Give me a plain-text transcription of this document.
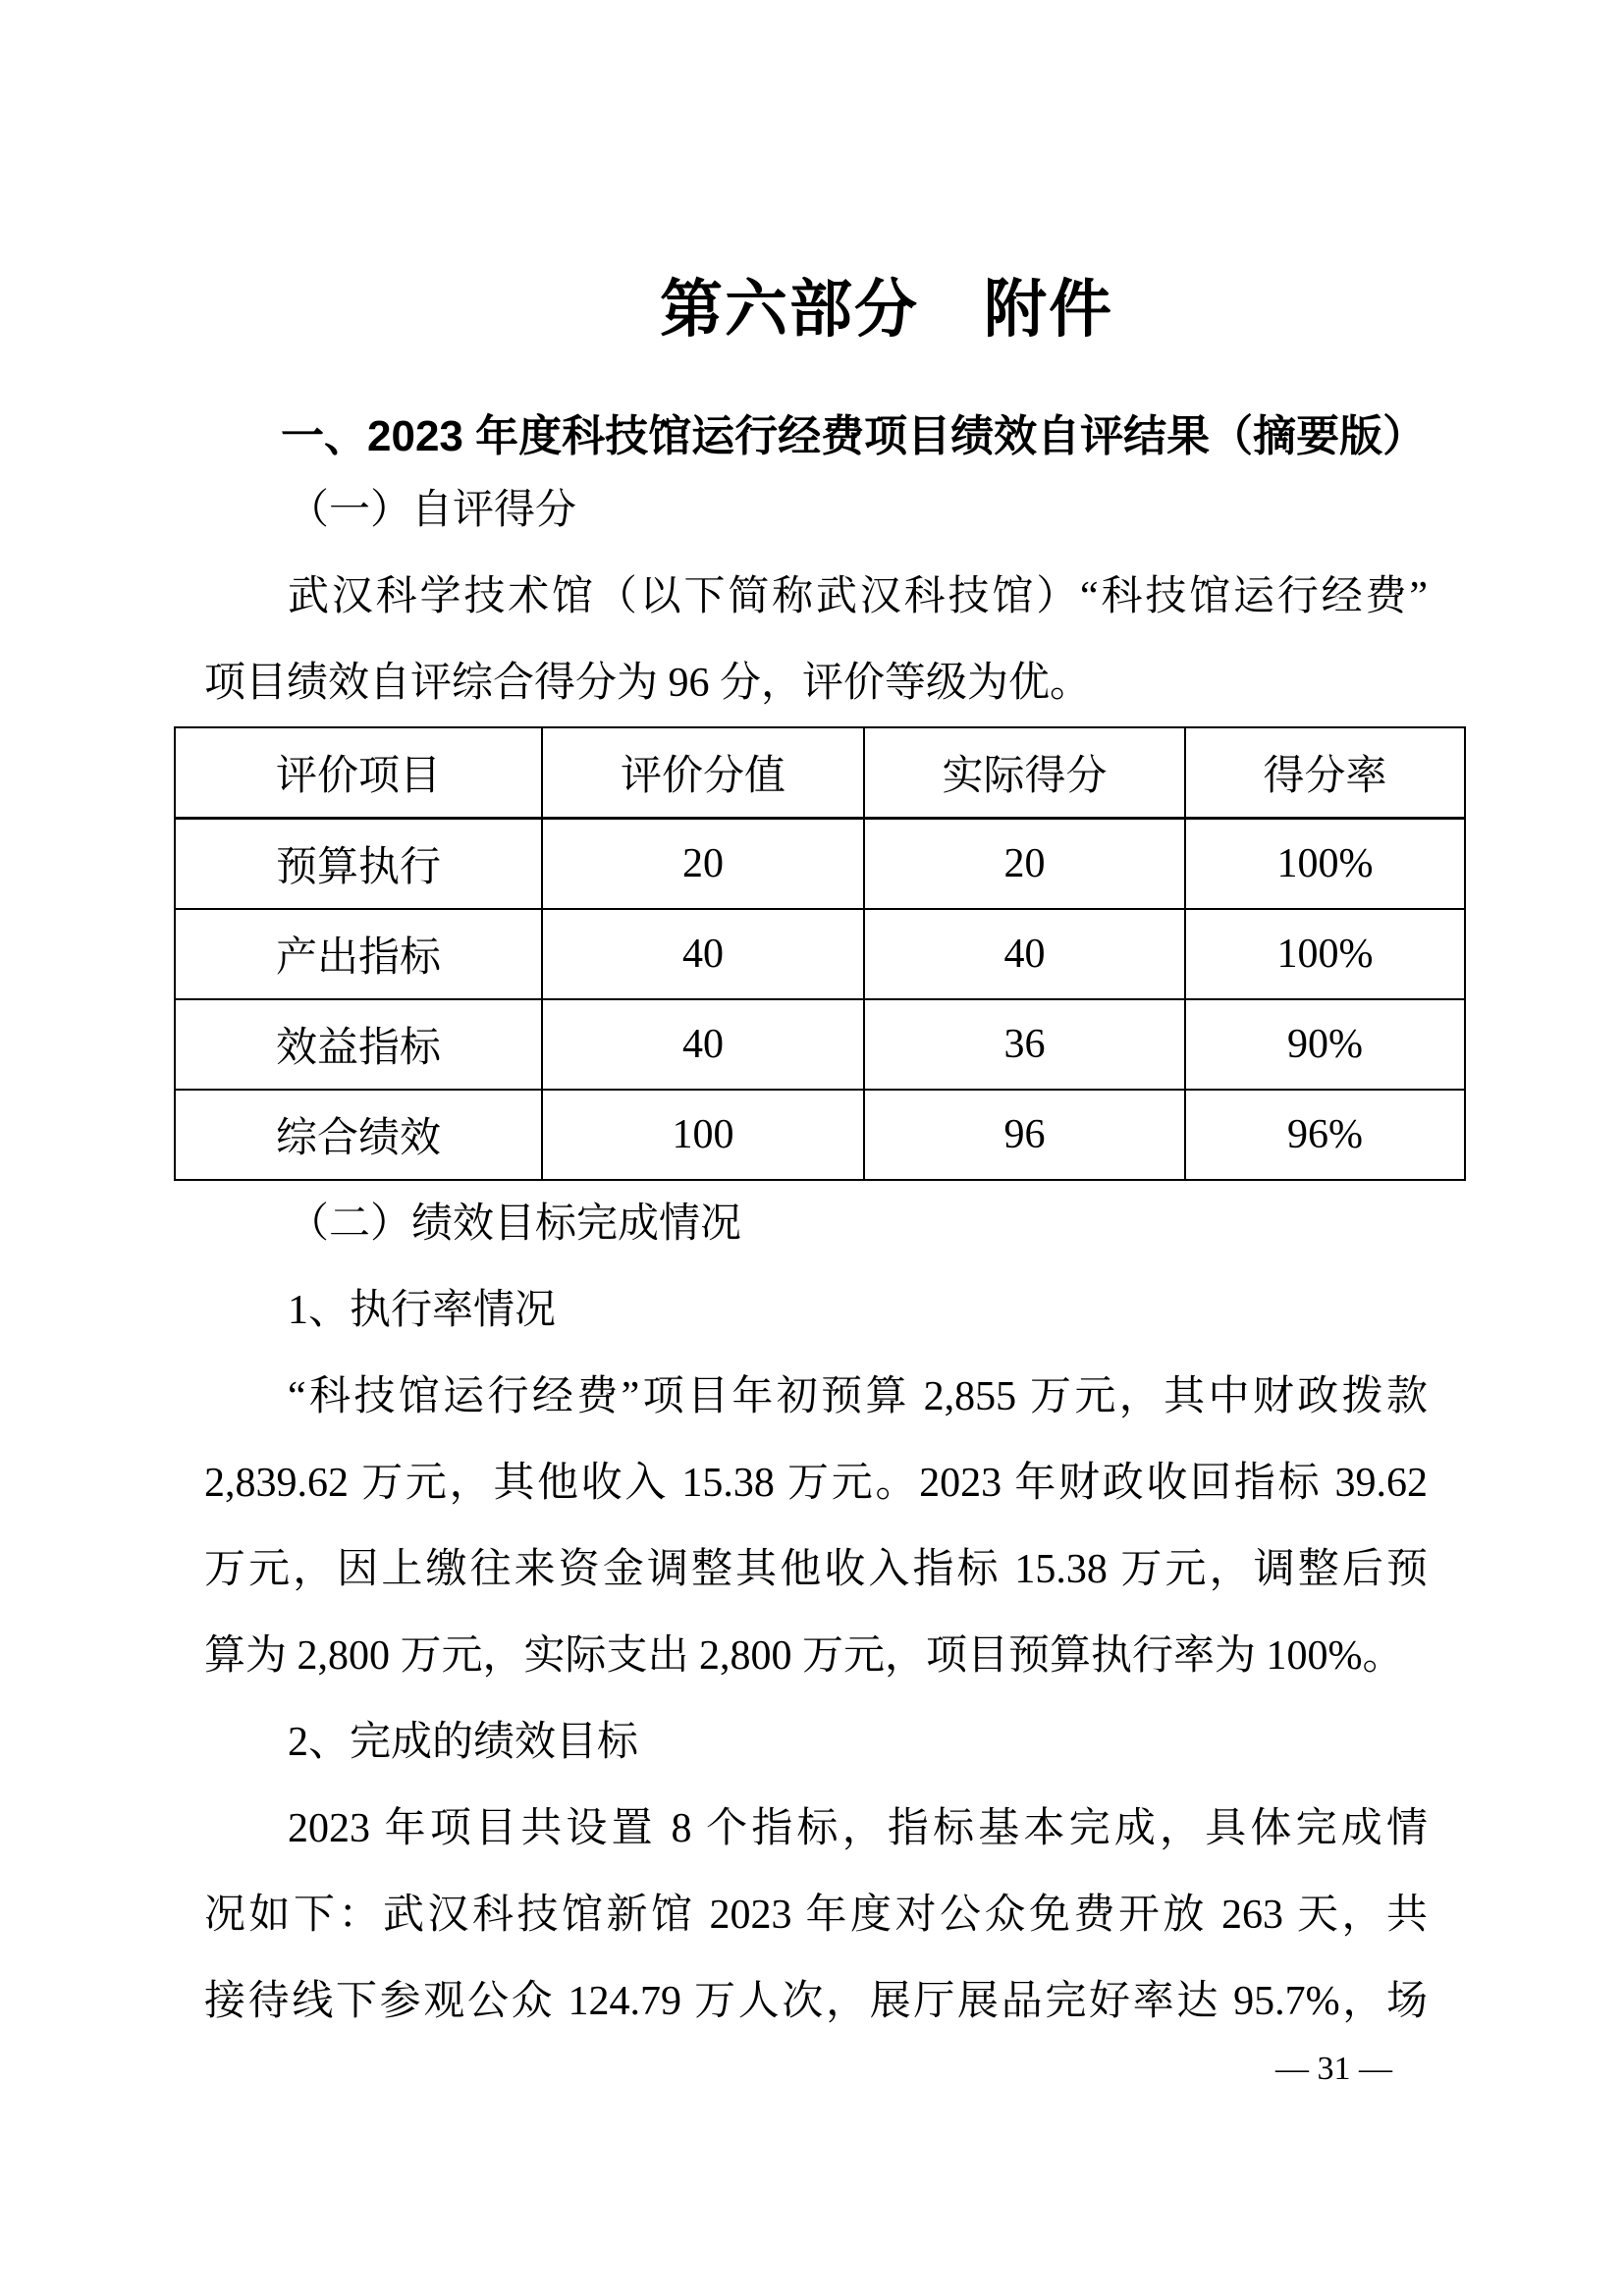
第六部分　附件
一、2023 年度科技馆运行经费项目绩效自评结果（摘要版）
（一）自评得分
武汉科学技术馆（以下简称武汉科技馆）“科技馆运行经费”
项目绩效自评综合得分为 96 分，评价等级为优。
评价项目	评价分值	实际得分	得分率
预算执行	20	20	100%
产出指标	40	40	100%
效益指标	40	36	90%
综合绩效	100	96	96%
（二）绩效目标完成情况
1、执行率情况
“科技馆运行经费”项目年初预算 2,855 万元，其中财政拨款
2,839.62 万元，其他收入 15.38 万元。2023 年财政收回指标 39.62
万元，因上缴往来资金调整其他收入指标 15.38 万元，调整后预
算为 2,800 万元，实际支出 2,800 万元，项目预算执行率为 100%。
2、完成的绩效目标
2023 年项目共设置 8 个指标，指标基本完成，具体完成情
况如下：武汉科技馆新馆 2023 年度对公众免费开放 263 天，共
接待线下参观公众 124.79 万人次，展厅展品完好率达 95.7%，场
— 31 —
